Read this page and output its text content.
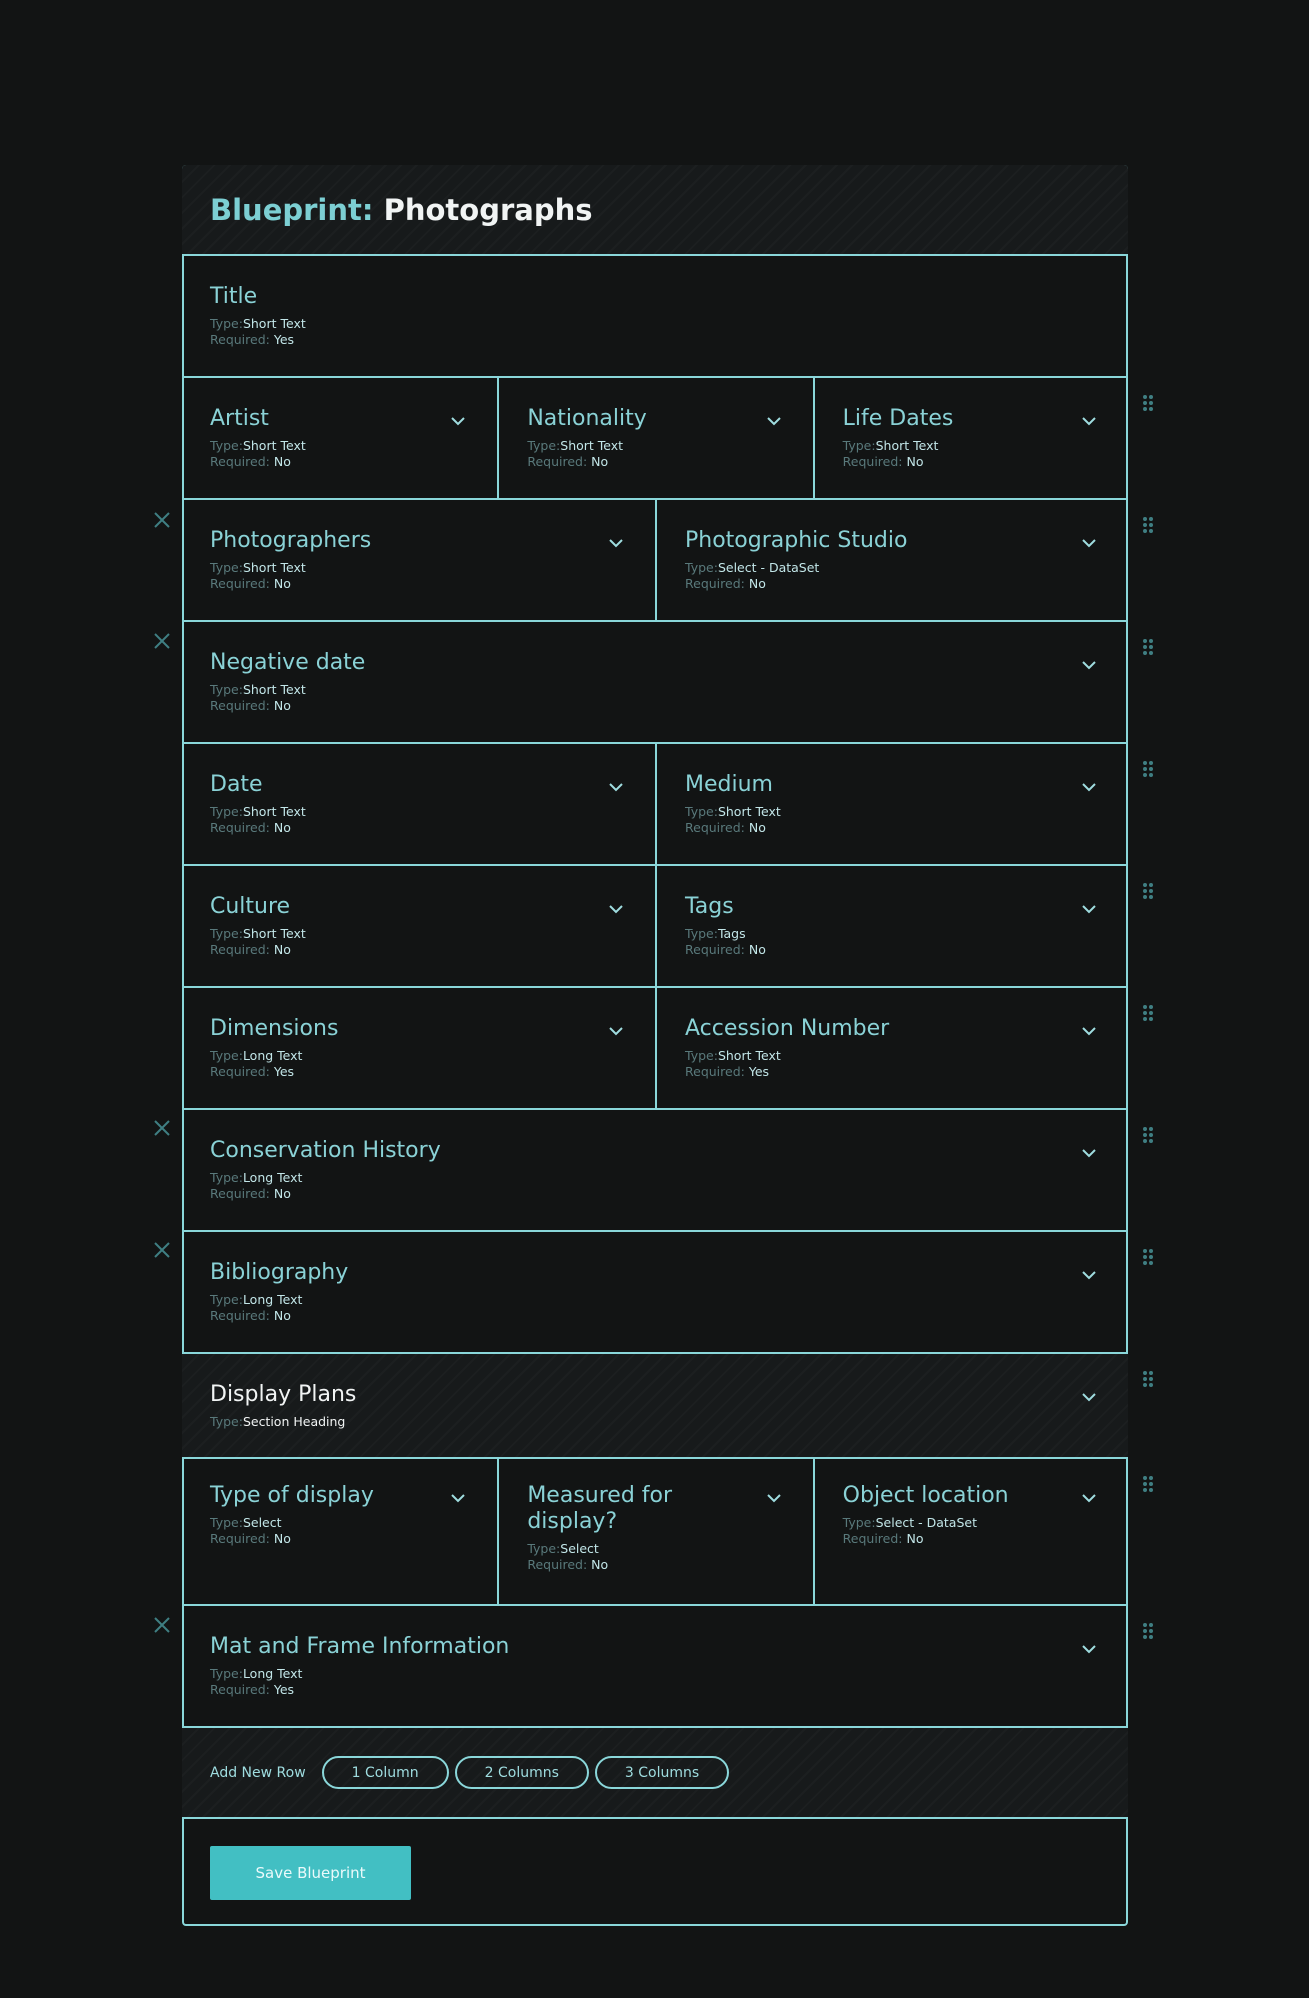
Blueprint: Photographs
Title
Type:Short Text
Required: Yes
Artist
Type:Short Text
Required: No
Nationality
Type:Short Text
Required: No
Life Dates
Type:Short Text
Required: No
Photographers
Type:Short Text
Required: No
Photographic Studio
Type:Select - DataSet
Required: No
Negative date
Type:Short Text
Required: No
Date
Type:Short Text
Required: No
Medium
Type:Short Text
Required: No
Culture
Type:Short Text
Required: No
Tags
Type:Tags
Required: No
Dimensions
Type:Long Text
Required: Yes
Accession Number
Type:Short Text
Required: Yes
Conservation History
Type:Long Text
Required: No
Bibliography
Type:Long Text
Required: No
Display Plans
Type:Section Heading
Type of display
Type:Select
Required: No
Measured for display?
Type:Select
Required: No
Object location
Type:Select - DataSet
Required: No
Mat and Frame Information
Type:Long Text
Required: Yes
Add New Row	1 Column	2 Columns	3 Columns
Save Blueprint
